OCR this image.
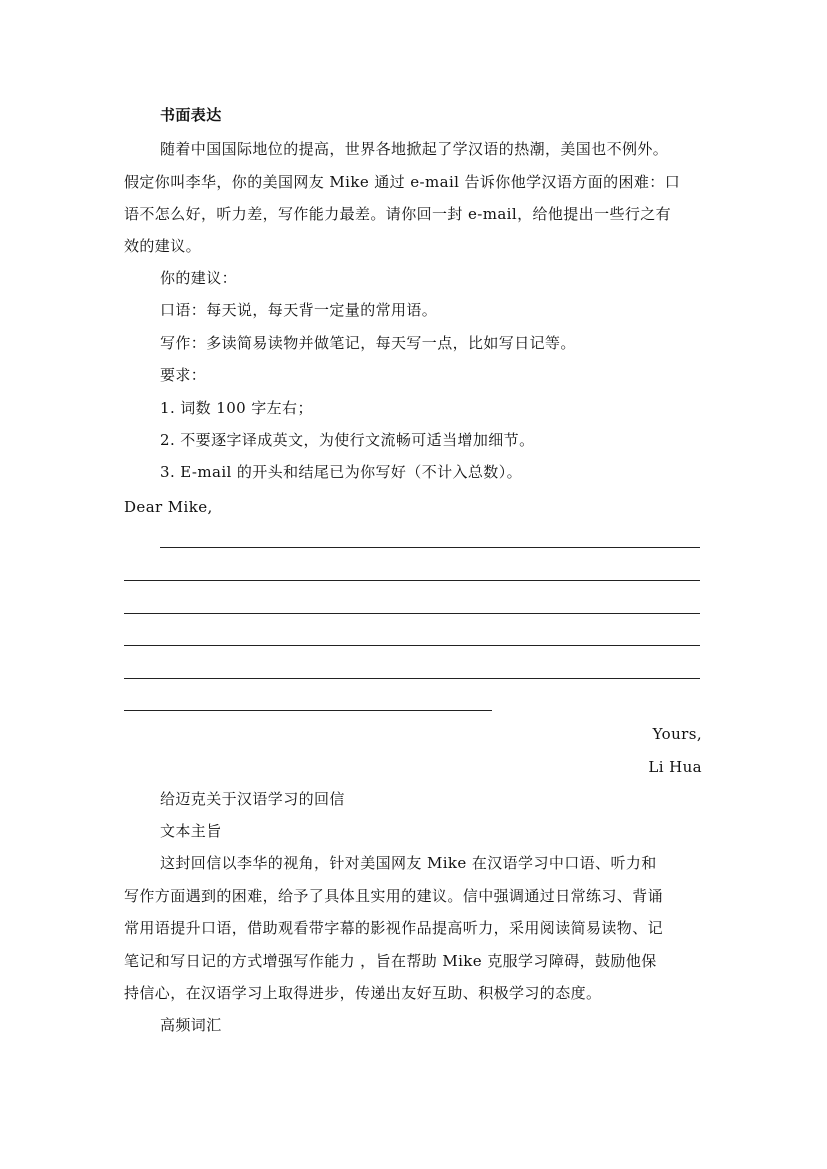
书面表达
随着中国国际地位的提高，世界各地掀起了学汉语的热潮，美国也不例外。
假定你叫李华，你的美国网友 Mike 通过 e-mail 告诉你他学汉语方面的困难：口
语不怎么好，听力差，写作能力最差。请你回一封 e-mail，给他提出一些行之有
效的建议。
你的建议：
口语：每天说，每天背一定量的常用语。
写作：多读简易读物并做笔记，每天写一点，比如写日记等。
要求：
1. 词数 100 字左右；
2. 不要逐字译成英文，为使行文流畅可适当增加细节。
3. E-mail 的开头和结尾已为你写好（不计入总数）。
Dear Mike,
Yours,
Li Hua
给迈克关于汉语学习的回信
文本主旨
这封回信以李华的视角，针对美国网友 Mike 在汉语学习中口语、听力和
写作方面遇到的困难，给予了具体且实用的建议。信中强调通过日常练习、背诵
常用语提升口语，借助观看带字幕的影视作品提高听力，采用阅读简易读物、记
笔记和写日记的方式增强写作能力 ，旨在帮助 Mike 克服学习障碍，鼓励他保
持信心，在汉语学习上取得进步，传递出友好互助、积极学习的态度。
高频词汇
